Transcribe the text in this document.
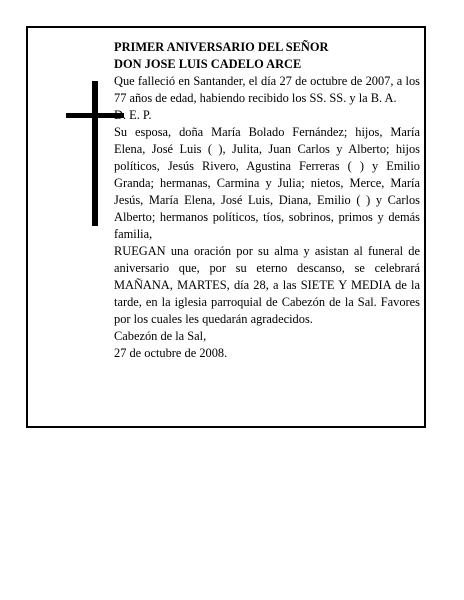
PRIMER ANIVERSARIO DEL SEÑOR

DON JOSE LUIS CADELO ARCE

Que falleció en Santander, el día 27 de octubre de 2007, a los 77 años de edad, habiendo recibido los SS. SS. y la B. A.

D. E. P.

Su esposa, doña María Bolado Fernández; hijos, María Elena, José Luis ( ), Julita, Juan Carlos y Alberto; hijos políticos, Jesús Rivero, Agustina Ferreras ( ) y Emilio Granda; hermanas, Carmina y Julia; nietos, Merce, María Jesús, María Elena, José Luis, Diana, Emilio ( ) y Carlos Alberto; hermanos políticos, tíos, sobrinos, primos y demás familia,

RUEGAN una oración por su alma y asistan al funeral de aniversario que, por su eterno descanso, se celebrará MAÑANA, MARTES, día 28, a las SIETE Y MEDIA de la tarde, en la iglesia parroquial de Cabezón de la Sal. Favores por los cuales les quedarán agradecidos.

Cabezón de la Sal,

27 de octubre de 2008.
